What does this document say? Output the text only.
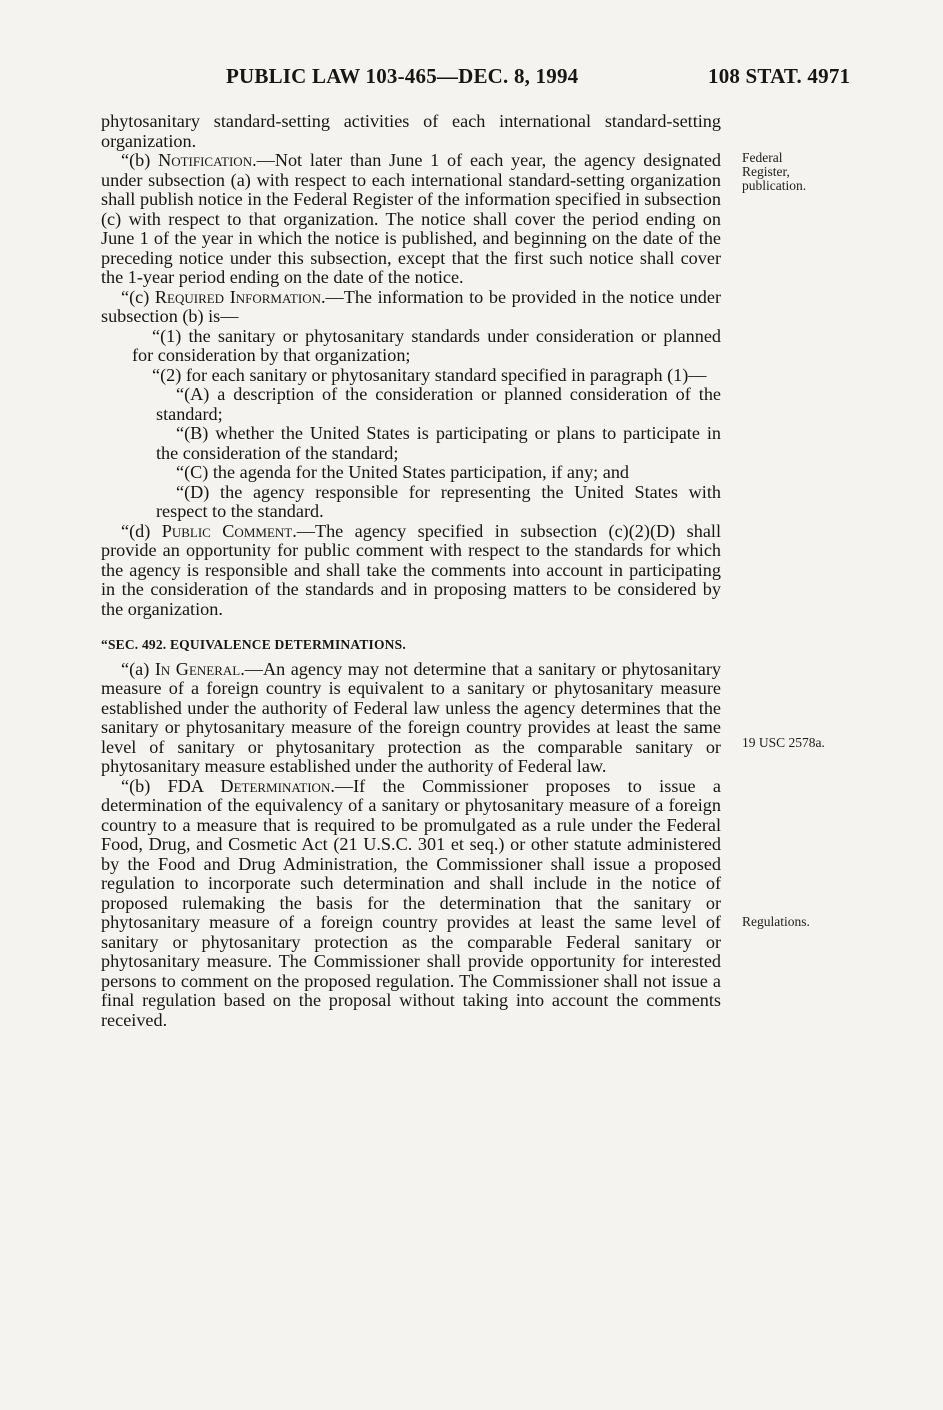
PUBLIC LAW 103-465—DEC. 8, 1994	108 STAT. 4971

phytosanitary standard-setting activities of each international standard-setting organization.

“(b) Notification.—Not later than June 1 of each year, the agency designated under subsection (a) with respect to each international standard-setting organization shall publish notice in the Federal Register of the information specified in subsection (c) with respect to that organization. The notice shall cover the period ending on June 1 of the year in which the notice is published, and beginning on the date of the preceding notice under this subsection, except that the first such notice shall cover the 1-year period ending on the date of the notice.

“(c) Required Information.—The information to be provided in the notice under subsection (b) is—

“(1) the sanitary or phytosanitary standards under consideration or planned for consideration by that organization;

“(2) for each sanitary or phytosanitary standard specified in paragraph (1)—

“(A) a description of the consideration or planned consideration of the standard;

“(B) whether the United States is participating or plans to participate in the consideration of the standard;

“(C) the agenda for the United States participation, if any; and

“(D) the agency responsible for representing the United States with respect to the standard.

“(d) Public Comment.—The agency specified in subsection (c)(2)(D) shall provide an opportunity for public comment with respect to the standards for which the agency is responsible and shall take the comments into account in participating in the consideration of the standards and in proposing matters to be considered by the organization.

“SEC. 492. EQUIVALENCE DETERMINATIONS.

“(a) In General.—An agency may not determine that a sanitary or phytosanitary measure of a foreign country is equivalent to a sanitary or phytosanitary measure established under the authority of Federal law unless the agency determines that the sanitary or phytosanitary measure of the foreign country provides at least the same level of sanitary or phytosanitary protection as the comparable sanitary or phytosanitary measure established under the authority of Federal law.

“(b) FDA Determination.—If the Commissioner proposes to issue a determination of the equivalency of a sanitary or phytosanitary measure of a foreign country to a measure that is required to be promulgated as a rule under the Federal Food, Drug, and Cosmetic Act (21 U.S.C. 301 et seq.) or other statute administered by the Food and Drug Administration, the Commissioner shall issue a proposed regulation to incorporate such determination and shall include in the notice of proposed rulemaking the basis for the determination that the sanitary or phytosanitary measure of a foreign country provides at least the same level of sanitary or phytosanitary protection as the comparable Federal sanitary or phytosanitary measure. The Commissioner shall provide opportunity for interested persons to comment on the proposed regulation. The Commissioner shall not issue a final regulation based on the proposal without taking into account the comments received.

Federal
Register,
publication.
19 USC 2578a.
Regulations.
